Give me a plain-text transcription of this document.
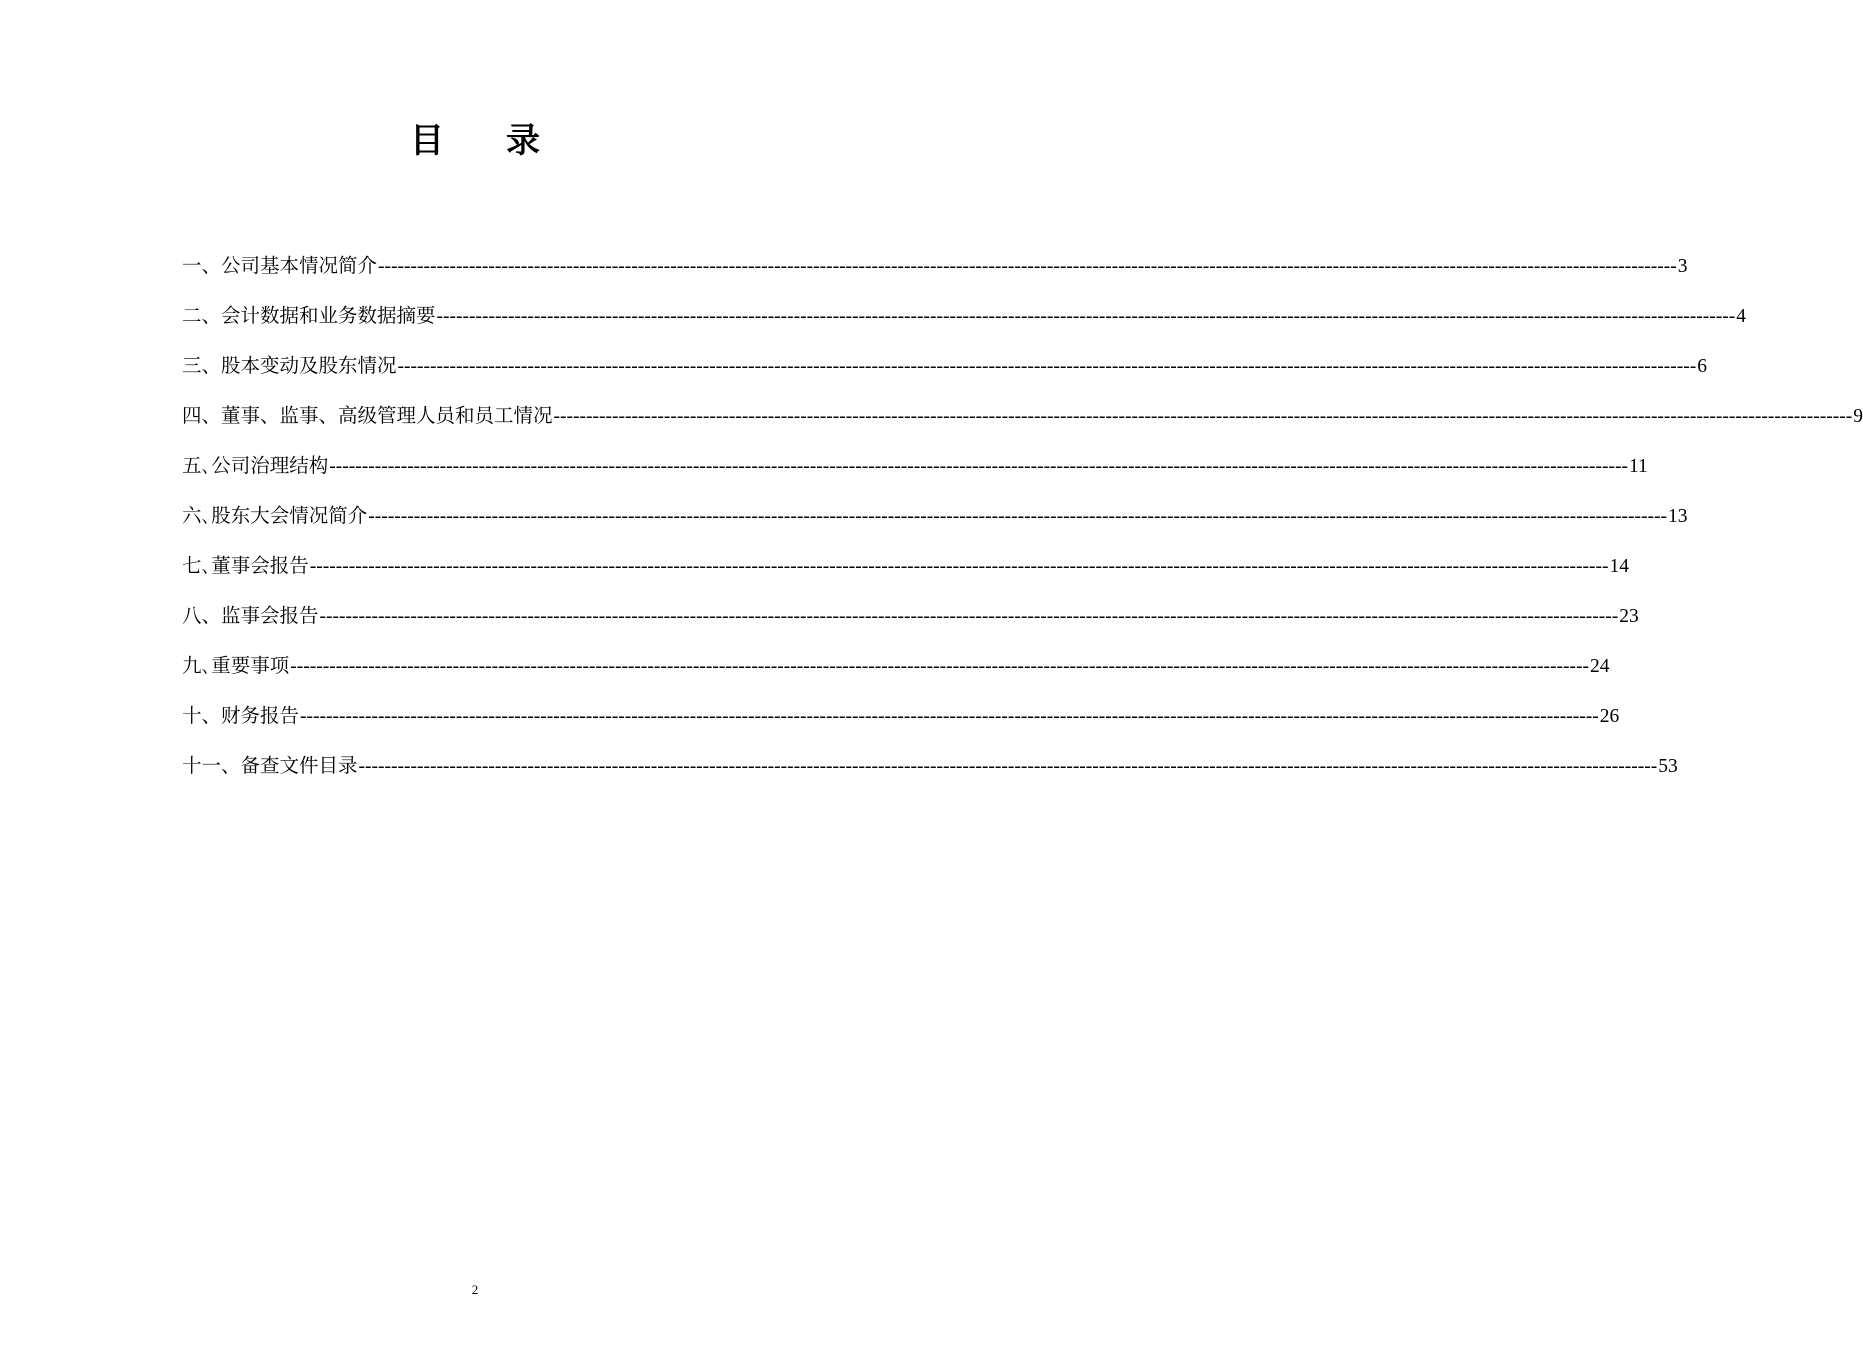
目 录
一、公司基本情况简介 -------------------------------------------------------------------------------------------------------------------------------------------------------------------------------------------------------- 3
二、会计数据和业务数据摘要 -------------------------------------------------------------------------------------------------------------------------------------------------------------------------------------------------------- 4
三、股本变动及股东情况 -------------------------------------------------------------------------------------------------------------------------------------------------------------------------------------------------------- 6
四、董事、监事、高级管理人员和员工情况 -------------------------------------------------------------------------------------------------------------------------------------------------------------------------------------------------------- 9
五､公司治理结构 -------------------------------------------------------------------------------------------------------------------------------------------------------------------------------------------------------- 11
六､股东大会情况简介 -------------------------------------------------------------------------------------------------------------------------------------------------------------------------------------------------------- 13
七､董事会报告 -------------------------------------------------------------------------------------------------------------------------------------------------------------------------------------------------------- 14
八、监事会报告 -------------------------------------------------------------------------------------------------------------------------------------------------------------------------------------------------------- 23
九､重要事项 -------------------------------------------------------------------------------------------------------------------------------------------------------------------------------------------------------- 24
十、财务报告 -------------------------------------------------------------------------------------------------------------------------------------------------------------------------------------------------------- 26
十一、备查文件目录 -------------------------------------------------------------------------------------------------------------------------------------------------------------------------------------------------------- 53
2
